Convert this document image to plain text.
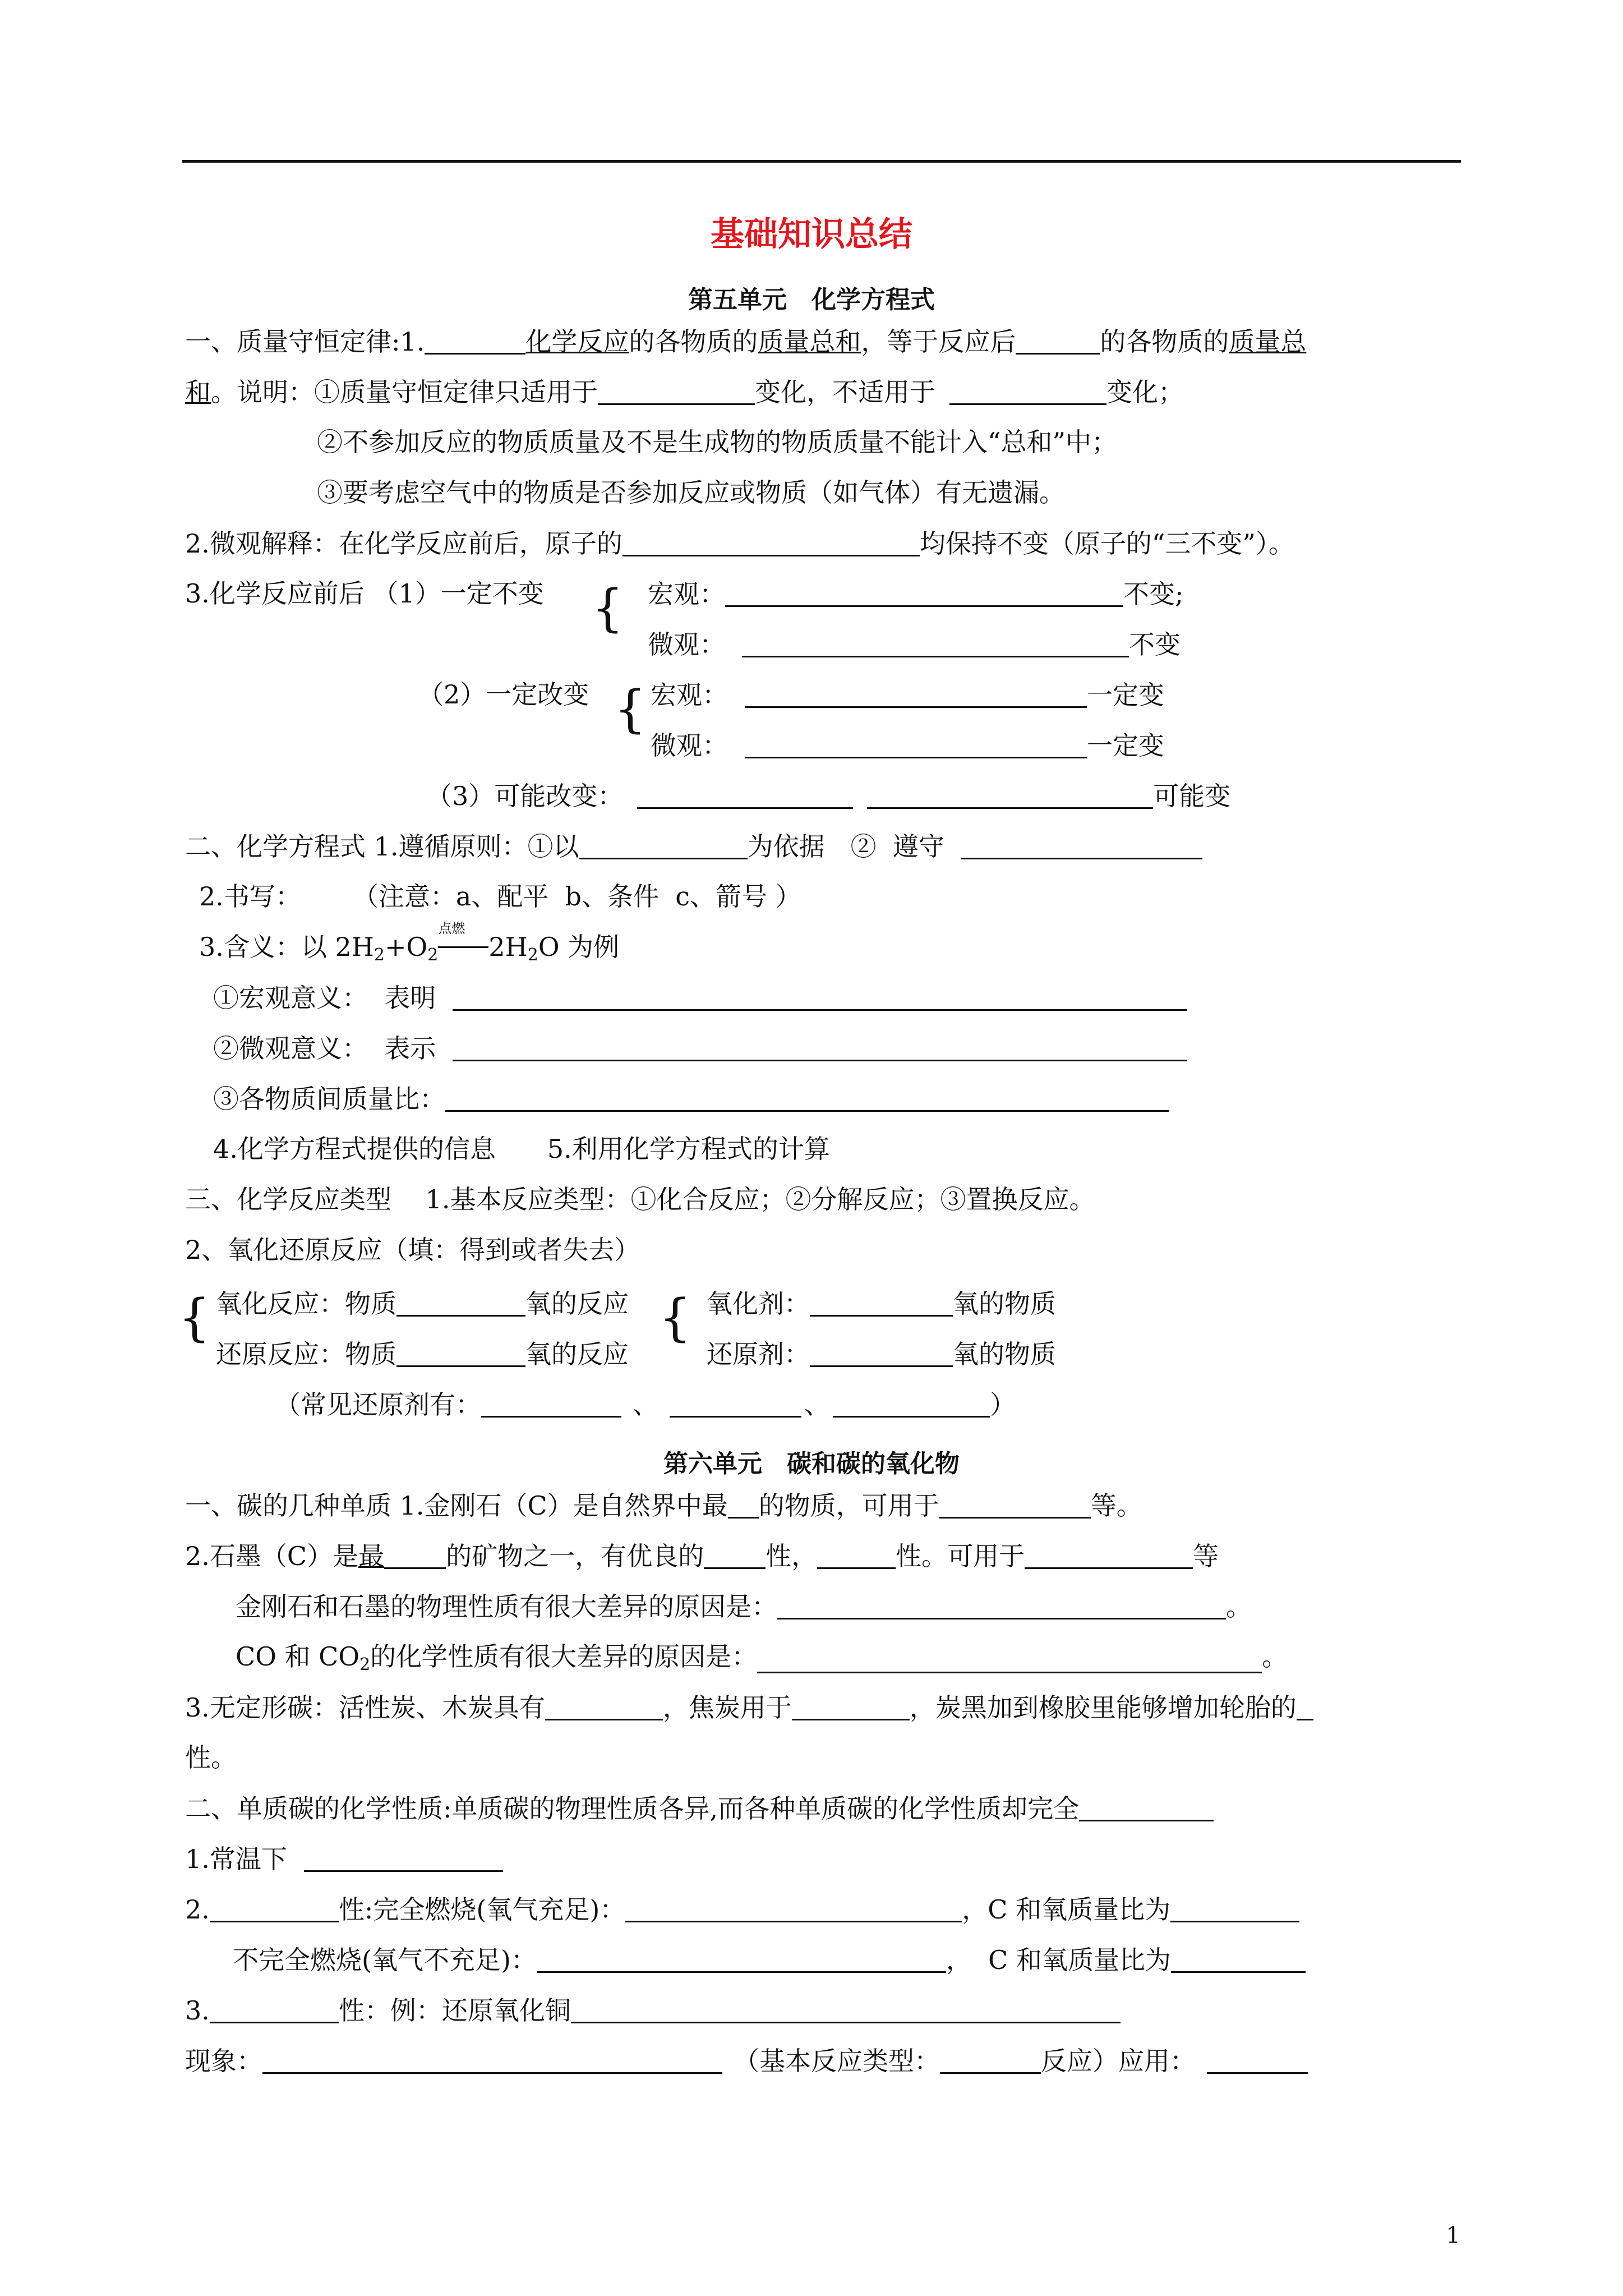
基础知识总结
第五单元　化学方程式
一、质量守恒定律:1.	化学反应的各物质的质量总和，等于反应后	的各物质的质量总
和。说明：①质量守恒定律只适用于	变化，不适用于	变化；
②不参加反应的物质质量及不是生成物的物质质量不能计入“总和”中；
③要考虑空气中的物质是否参加反应或物质（如气体）有无遗漏。
2.微观解释：在化学反应前后，原子的	均保持不变（原子的“三不变”）。
3.化学反应前后 （1）一定不变 { 宏观：	不变;
微观：	不变
（2）一定改变 { 宏观：	一定变
微观：	一定变
（3）可能改变：	可能变
二、化学方程式 1.遵循原则：①以	为依据　②  遵守
2.书写：　　　（注意：a、配平  b、条件  c、箭号 ）
3.含义：以 $2H_2+O_2$
点燃
$2H_2O$ 为例
①宏观意义：  表明
②微观意义：  表示
③各物质间质量比：
4.化学方程式提供的信息　　5.利用化学方程式的计算
三、化学反应类型　 1.基本反应类型：①化合反应；②分解反应；③置换反应。
2、氧化还原反应（填：得到或者失去）
{ 氧化反应：物质	氧的反应 { 氧化剂：	氧的物质
还原反应：物质	氧的反应	还原剂：	氧的物质
（常见还原剂有：	、	、	）
第六单元　碳和碳的氧化物
一、碳的几种单质 1.金刚石（C）是自然界中最 的物质，可用于	等。
2.石墨（C）是最 的矿物之一，有优良的 性，	性。可用于	等
金刚石和石墨的物理性质有很大差异的原因是：	。
CO 和 $CO_2$的化学性质有很大差异的原因是：	。
3.无定形碳：活性炭、木炭具有	，焦炭用于	，炭黑加到橡胶里能够增加轮胎的
性。
二、单质碳的化学性质:单质碳的物理性质各异,而各种单质碳的化学性质却完全
1.常温下
2.	性:完全燃烧(氧气充足)：	，C 和氧质量比为
不完全燃烧(氧气不充足)：	，  C 和氧质量比为
3.	性：例：还原氧化铜
现象：	（基本反应类型：	反应）应用：
1
